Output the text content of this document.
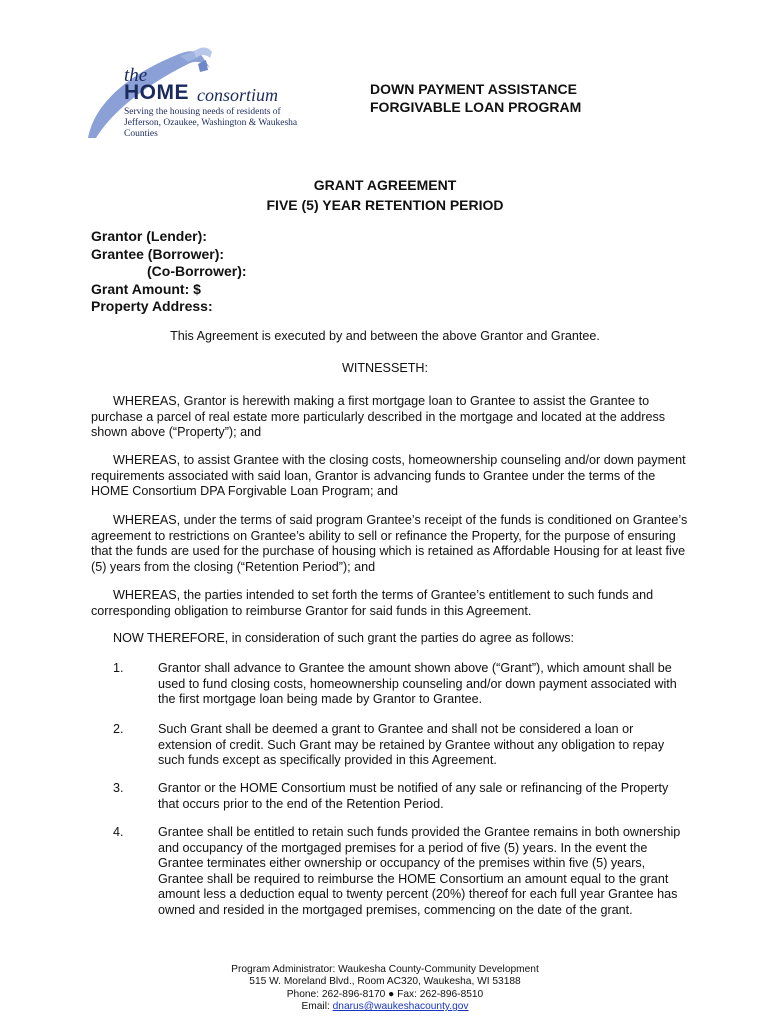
the
HOME consortium
Serving the housing needs of residents of Jefferson, Ozaukee, Washington & Waukesha Counties
DOWN PAYMENT ASSISTANCE
FORGIVABLE LOAN PROGRAM
GRANT AGREEMENT
FIVE (5) YEAR RETENTION PERIOD
Grantor (Lender):
Grantee (Borrower):
(Co-Borrower):
Grant Amount: $
Property Address:
This Agreement is executed by and between the above Grantor and Grantee.
WITNESSETH:

WHEREAS, Grantor is herewith making a first mortgage loan to Grantee to assist the Grantee to purchase a parcel of real estate more particularly described in the mortgage and located at the address shown above (“Property”); and

WHEREAS, to assist Grantee with the closing costs, homeownership counseling and/or down payment requirements associated with said loan, Grantor is advancing funds to Grantee under the terms of the HOME Consortium DPA Forgivable Loan Program; and

WHEREAS, under the terms of said program Grantee’s receipt of the funds is conditioned on Grantee’s agreement to restrictions on Grantee’s ability to sell or refinance the Property, for the purpose of ensuring that the funds are used for the purchase of housing which is retained as Affordable Housing for at least five (5) years from the closing (“Retention Period”); and

WHEREAS, the parties intended to set forth the terms of Grantee’s entitlement to such funds and corresponding obligation to reimburse Grantor for said funds in this Agreement.

NOW THEREFORE, in consideration of such grant the parties do agree as follows:

1.	Grantor shall advance to Grantee the amount shown above (“Grant”), which amount shall be used to fund closing costs, homeownership counseling and/or down payment associated with the first mortgage loan being made by Grantor to Grantee.
2.	Such Grant shall be deemed a grant to Grantee and shall not be considered a loan or extension of credit. Such Grant may be retained by Grantee without any obligation to repay such funds except as specifically provided in this Agreement.
3.	Grantor or the HOME Consortium must be notified of any sale or refinancing of the Property that occurs prior to the end of the Retention Period.
4.	Grantee shall be entitled to retain such funds provided the Grantee remains in both ownership and occupancy of the mortgaged premises for a period of five (5) years. In the event the Grantee terminates either ownership or occupancy of the premises within five (5) years, Grantee shall be required to reimburse the HOME Consortium an amount equal to the grant amount less a deduction equal to twenty percent (20%) thereof for each full year Grantee has owned and resided in the mortgaged premises, commencing on the date of the grant.
Program Administrator: Waukesha County-Community Development
515 W. Moreland Blvd., Room AC320, Waukesha, WI 53188
Phone: 262-896-8170 ● Fax: 262-896-8510
Email: dnarus@waukeshacounty.gov
